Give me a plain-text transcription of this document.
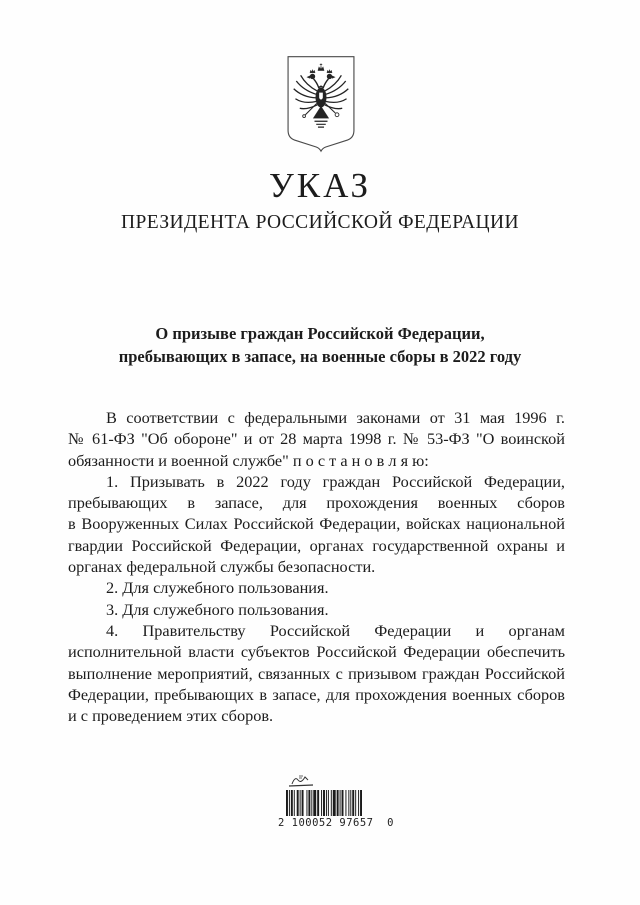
УКАЗ
ПРЕЗИДЕНТА РОССИЙСКОЙ ФЕДЕРАЦИИ
О призыве граждан Российской Федерации,
пребывающих в запасе, на военные сборы в 2022 году
В соответствии с федеральными законами от 31 мая 1996 г.
№ 61-ФЗ "Об обороне" и от 28 марта 1998 г. № 53-ФЗ "О воинской
обязанности и военной службе" п о с т а н о в л я ю:
1. Призывать в 2022 году граждан Российской Федерации,
пребывающих в запасе, для прохождения военных сборов
в Вооруженных Силах Российской Федерации, войсках национальной
гвардии Российской Федерации, органах государственной охраны и
органах федеральной службы безопасности.
2. Для служебного пользования.
3. Для служебного пользования.
4. Правительству Российской Федерации и органам
исполнительной власти субъектов Российской Федерации обеспечить
выполнение мероприятий, связанных с призывом граждан Российской
Федерации, пребывающих в запасе, для прохождения военных сборов
и с проведением этих сборов.
2 100052 97657  0
